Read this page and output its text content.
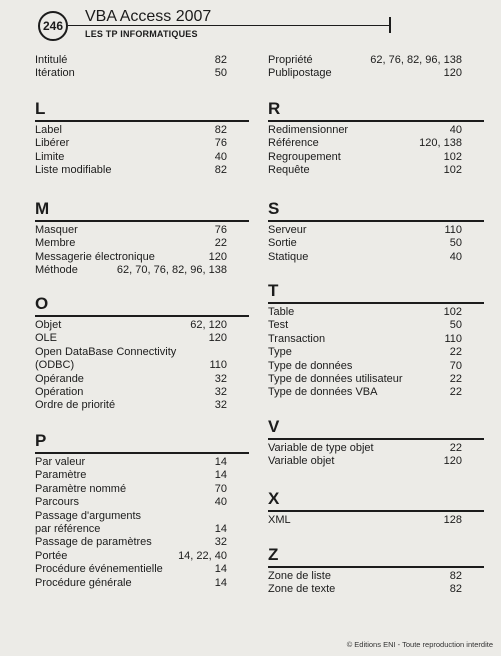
246
VBA Access 2007
LES TP INFORMATIQUES
Intitulé	82
Itération	50
L
Label	82
Libérer	76
Limite	40
Liste modifiable	82
M
Masquer	76
Membre	22
Messagerie électronique	120
Méthode	62, 70, 76, 82, 96, 138
O
Objet	62, 120
OLE	120
Open DataBase Connectivity
(ODBC)	110
Opérande	32
Opération	32
Ordre de priorité	32
P
Par valeur	14
Paramètre	14
Paramètre nommé	70
Parcours	40
Passage d'arguments
par référence	14
Passage de paramètres	32
Portée	14, 22, 40
Procédure événementielle	14
Procédure générale	14
Propriété	62, 76, 82, 96, 138
Publipostage	120
R
Redimensionner	40
Référence	120, 138
Regroupement	102
Requête	102
S
Serveur	110
Sortie	50
Statique	40
T
Table	102
Test	50
Transaction	110
Type	22
Type de données	70
Type de données utilisateur	22
Type de données VBA	22
V
Variable de type objet	22
Variable objet	120
X
XML	128
Z
Zone de liste	82
Zone de texte	82
© Editions ENI - Toute reproduction interdite
